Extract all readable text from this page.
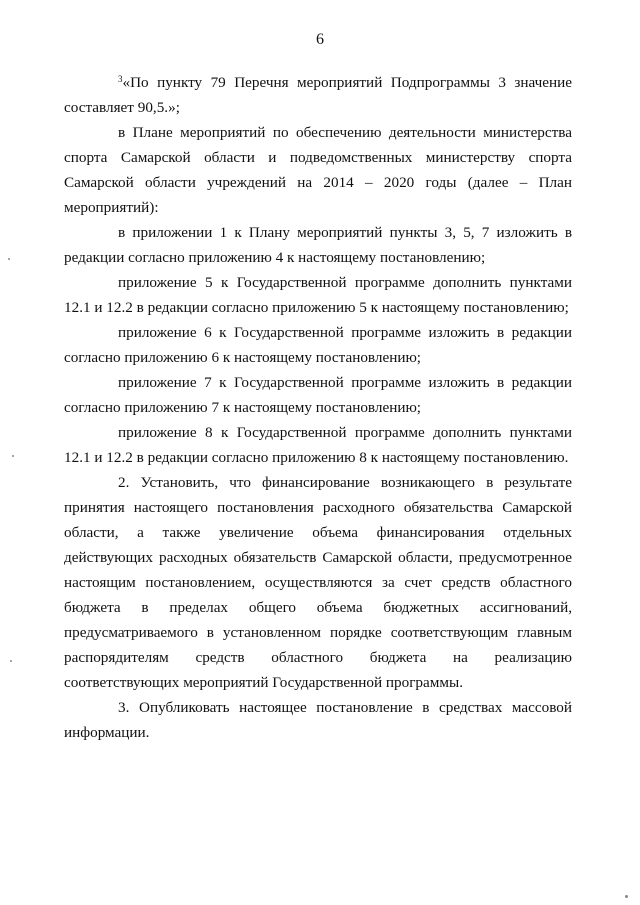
6

$^3$«По пункту 79 Перечня мероприятий Подпрограммы 3 значение составляет 90,5.»;

в Плане мероприятий по обеспечению деятельности министерства спорта Самарской области и подведомственных министерству спорта Самарской области учреждений на 2014 – 2020 годы (далее – План мероприятий):

в приложении 1 к Плану мероприятий пункты 3, 5, 7 изложить в редакции согласно приложению 4 к настоящему постановлению;

приложение 5 к Государственной программе дополнить пунктами 12.1 и 12.2 в редакции согласно приложению 5 к настоящему постановлению;

приложение 6 к Государственной программе изложить в редакции согласно приложению 6 к настоящему постановлению;

приложение 7 к Государственной программе изложить в редакции согласно приложению 7 к настоящему постановлению;

приложение 8 к Государственной программе дополнить пунктами 12.1 и 12.2 в редакции согласно приложению 8 к настоящему постановлению.

2. Установить, что финансирование возникающего в результате принятия настоящего постановления расходного обязательства Самарской области, а также увеличение объема финансирования отдельных действующих расходных обязательств Самарской области, предусмотренное настоящим постановлением, осуществляются за счет средств областного бюджета в пределах общего объема бюджетных ассигнований, предусматриваемого в установленном порядке соответствующим главным распорядителям средств областного бюджета на реализацию соответствующих мероприятий Государственной программы.

3. Опубликовать настоящее постановление в средствах массовой информации.
